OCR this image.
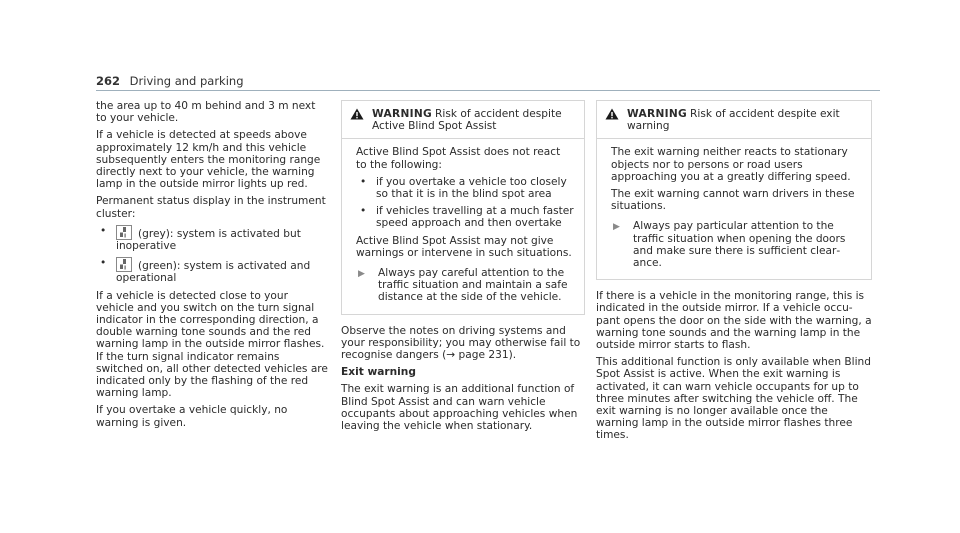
262 Driving and parking

the area up to 40 m behind and 3 m next to your vehicle.

If a vehicle is detected at speeds above approximately 12 km/h and this vehicle subsequently enters the monitoring range directly next to your vehicle, the warning lamp in the outside mirror lights up red.

Permanent status display in the instrument cluster:

•	(grey): system is activated but inoperative
•	(green): system is activated and operational

If a vehicle is detected close to your vehicle and you switch on the turn signal indicator in the corresponding direction, a double warning tone sounds and the red warning lamp in the outside mirror flashes. If the turn signal indicator remains switched on, all other detected vehicles are indicated only by the flashing of the red warning lamp.

If you overtake a vehicle quickly, no warning is given.

WARNING Risk of accident despite Active Blind Spot Assist

Active Blind Spot Assist does not react to the following:

• if you overtake a vehicle too closely so that it is in the blind spot area
• if vehicles travelling at a much faster speed approach and then overtake

Active Blind Spot Assist may not give warnings or intervene in such situations.

▶	Always pay careful attention to the traffic situation and maintain a safe distance at the side of the vehicle.

Observe the notes on driving systems and your responsibility; you may otherwise fail to recognise dangers (→ page 231).

Exit warning

The exit warning is an additional function of Blind Spot Assist and can warn vehicle occupants about approaching vehicles when leaving the vehicle when stationary.

WARNING Risk of accident despite exit warning

The exit warning neither reacts to stationary objects nor to persons or road users approaching you at a greatly differing speed.

The exit warning cannot warn drivers in these situations.

▶	Always pay particular attention to the traffic situation when opening the doors and make sure there is sufficient clearance.

If there is a vehicle in the monitoring range, this is indicated in the outside mirror. If a vehicle occupant opens the door on the side with the warning, a warning tone sounds and the warning lamp in the outside mirror starts to flash.

This additional function is only available when Blind Spot Assist is active. When the exit warning is activated, it can warn vehicle occupants for up to three minutes after switching the vehicle off. The exit warning is no longer available once the warning lamp in the outside mirror flashes three times.
